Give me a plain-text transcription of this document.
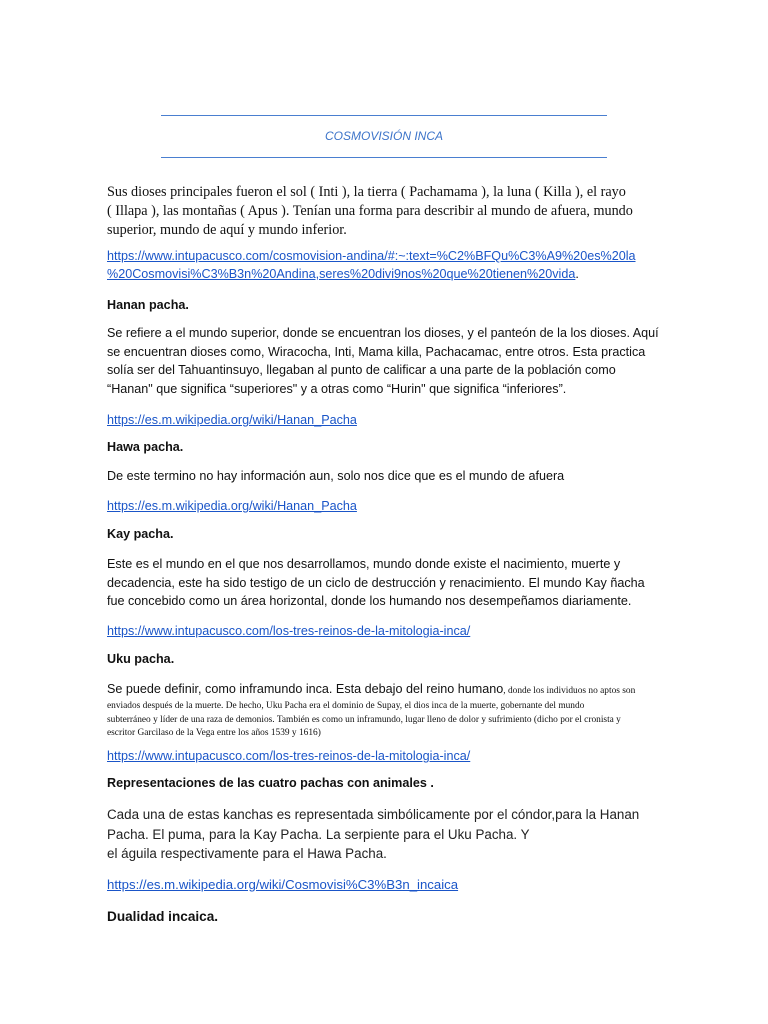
COSMOVISIÓN INCA
Sus dioses principales fueron el sol ( Inti ), la tierra ( Pachamama ), la luna ( Killa ), el rayo
( Illapa ), las montañas ( Apus ). Tenían una forma para describir al mundo de afuera, mundo
superior, mundo de aquí y mundo inferior.
https://www.intupacusco.com/cosmovision-andina/#:~:text=%C2%BFQu%C3%A9%20es%20la
%20Cosmovisi%C3%B3n%20Andina,seres%20divi9nos%20que%20tienen%20vida.
Hanan pacha.
Se refiere a el mundo superior, donde se encuentran los dioses, y el panteón de la los dioses. Aquí
se encuentran dioses como, Wiracocha, Inti, Mama killa, Pachacamac, entre otros. Esta practica
solía ser del Tahuantinsuyo, llegaban al punto de calificar a una parte de la población como
“Hanan" que significa “superiores" y a otras como “Hurin" que significa “inferiores”.
https://es.m.wikipedia.org/wiki/Hanan_Pacha
Hawa pacha.
De este termino no hay información aun, solo nos dice que es el mundo de afuera
https://es.m.wikipedia.org/wiki/Hanan_Pacha
Kay pacha.
Este es el mundo en el que nos desarrollamos, mundo donde existe el nacimiento, muerte y
decadencia, este ha sido testigo de un ciclo de destrucción y renacimiento. El mundo Kay ñacha
fue concebido como un área horizontal, donde los humando nos desempeñamos diariamente.
https://www.intupacusco.com/los-tres-reinos-de-la-mitologia-inca/
Uku pacha.
Se puede definir, como inframundo inca. Esta debajo del reino humano, donde los individuos no aptos son
enviados después de la muerte. De hecho, Uku Pacha era el dominio de Supay, el dios inca de la muerte, gobernante del mundo
subterráneo y líder de una raza de demonios. También es como un inframundo, lugar lleno de dolor y sufrimiento (dicho por el cronista y
escritor Garcilaso de la Vega entre los años 1539 y 1616)
https://www.intupacusco.com/los-tres-reinos-de-la-mitologia-inca/
Representaciones de las cuatro pachas con animales .
Cada una de estas kanchas es representada simbólicamente por el cóndor,para la Hanan
Pacha. El puma, para la Kay Pacha. La serpiente para el Uku Pacha. Y
el águila respectivamente para el Hawa Pacha.
https://es.m.wikipedia.org/wiki/Cosmovisi%C3%B3n_incaica
Dualidad incaica.
